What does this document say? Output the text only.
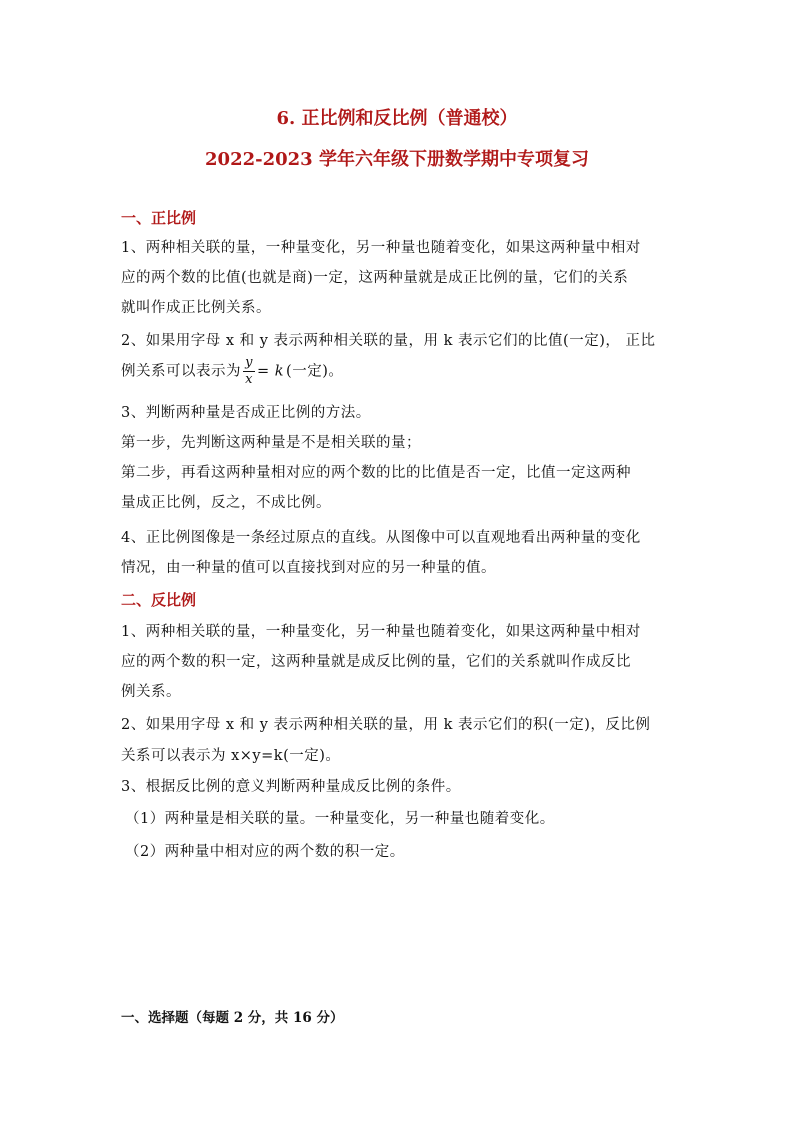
6. 正比例和反比例（普通校）
2022-2023 学年六年级下册数学期中专项复习
一、正比例
1、两种相关联的量，一种量变化，另一种量也随着变化，如果这两种量中相对
应的两个数的比值(也就是商)一定，这两种量就是成正比例的量，它们的关系
就叫作成正比例关系。
2、如果用字母 x 和 y 表示两种相关联的量，用 k 表示它们的比值(一定)， 正比
例关系可以表示为 $\frac{y}{x} = k$ (一定)。
3、判断两种量是否成正比例的方法。
第一步，先判断这两种量是不是相关联的量；
第二步，再看这两种量相对应的两个数的比的比值是否一定，比值一定这两种
量成正比例，反之，不成比例。
4、正比例图像是一条经过原点的直线。从图像中可以直观地看出两种量的变化
情况，由一种量的值可以直接找到对应的另一种量的值。
二、反比例
1、两种相关联的量，一种量变化，另一种量也随着变化，如果这两种量中相对
应的两个数的积一定，这两种量就是成反比例的量，它们的关系就叫作成反比
例关系。
2、如果用字母 x 和 y 表示两种相关联的量，用 k 表示它们的积(一定)，反比例
关系可以表示为 x×y=k(一定)。
3、根据反比例的意义判断两种量成反比例的条件。
（1）两种量是相关联的量。一种量变化，另一种量也随着变化。
（2）两种量中相对应的两个数的积一定。
一、选择题（每题 2 分，共 16 分）
